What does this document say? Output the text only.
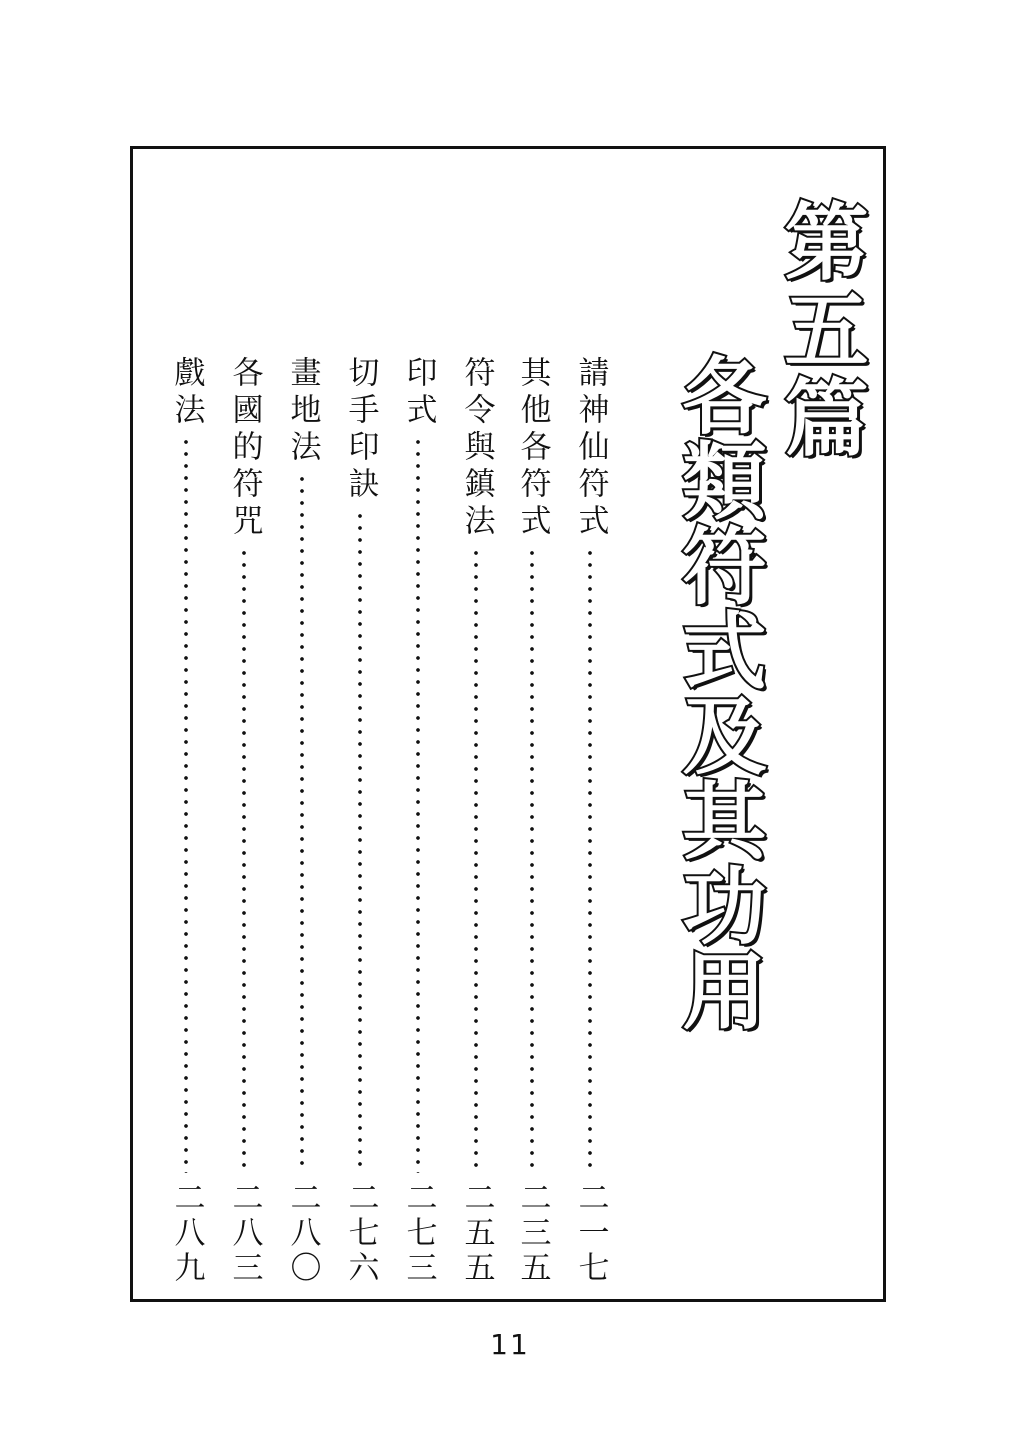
第五篇
各類符式及其功用
請神仙符式
二一七
其他各符式
二三五
符令與鎮法
二五五
印式
二七三
切手印訣
二七六
畫地法
二八〇
各國的符咒
二八三
戲法
二八九
11
